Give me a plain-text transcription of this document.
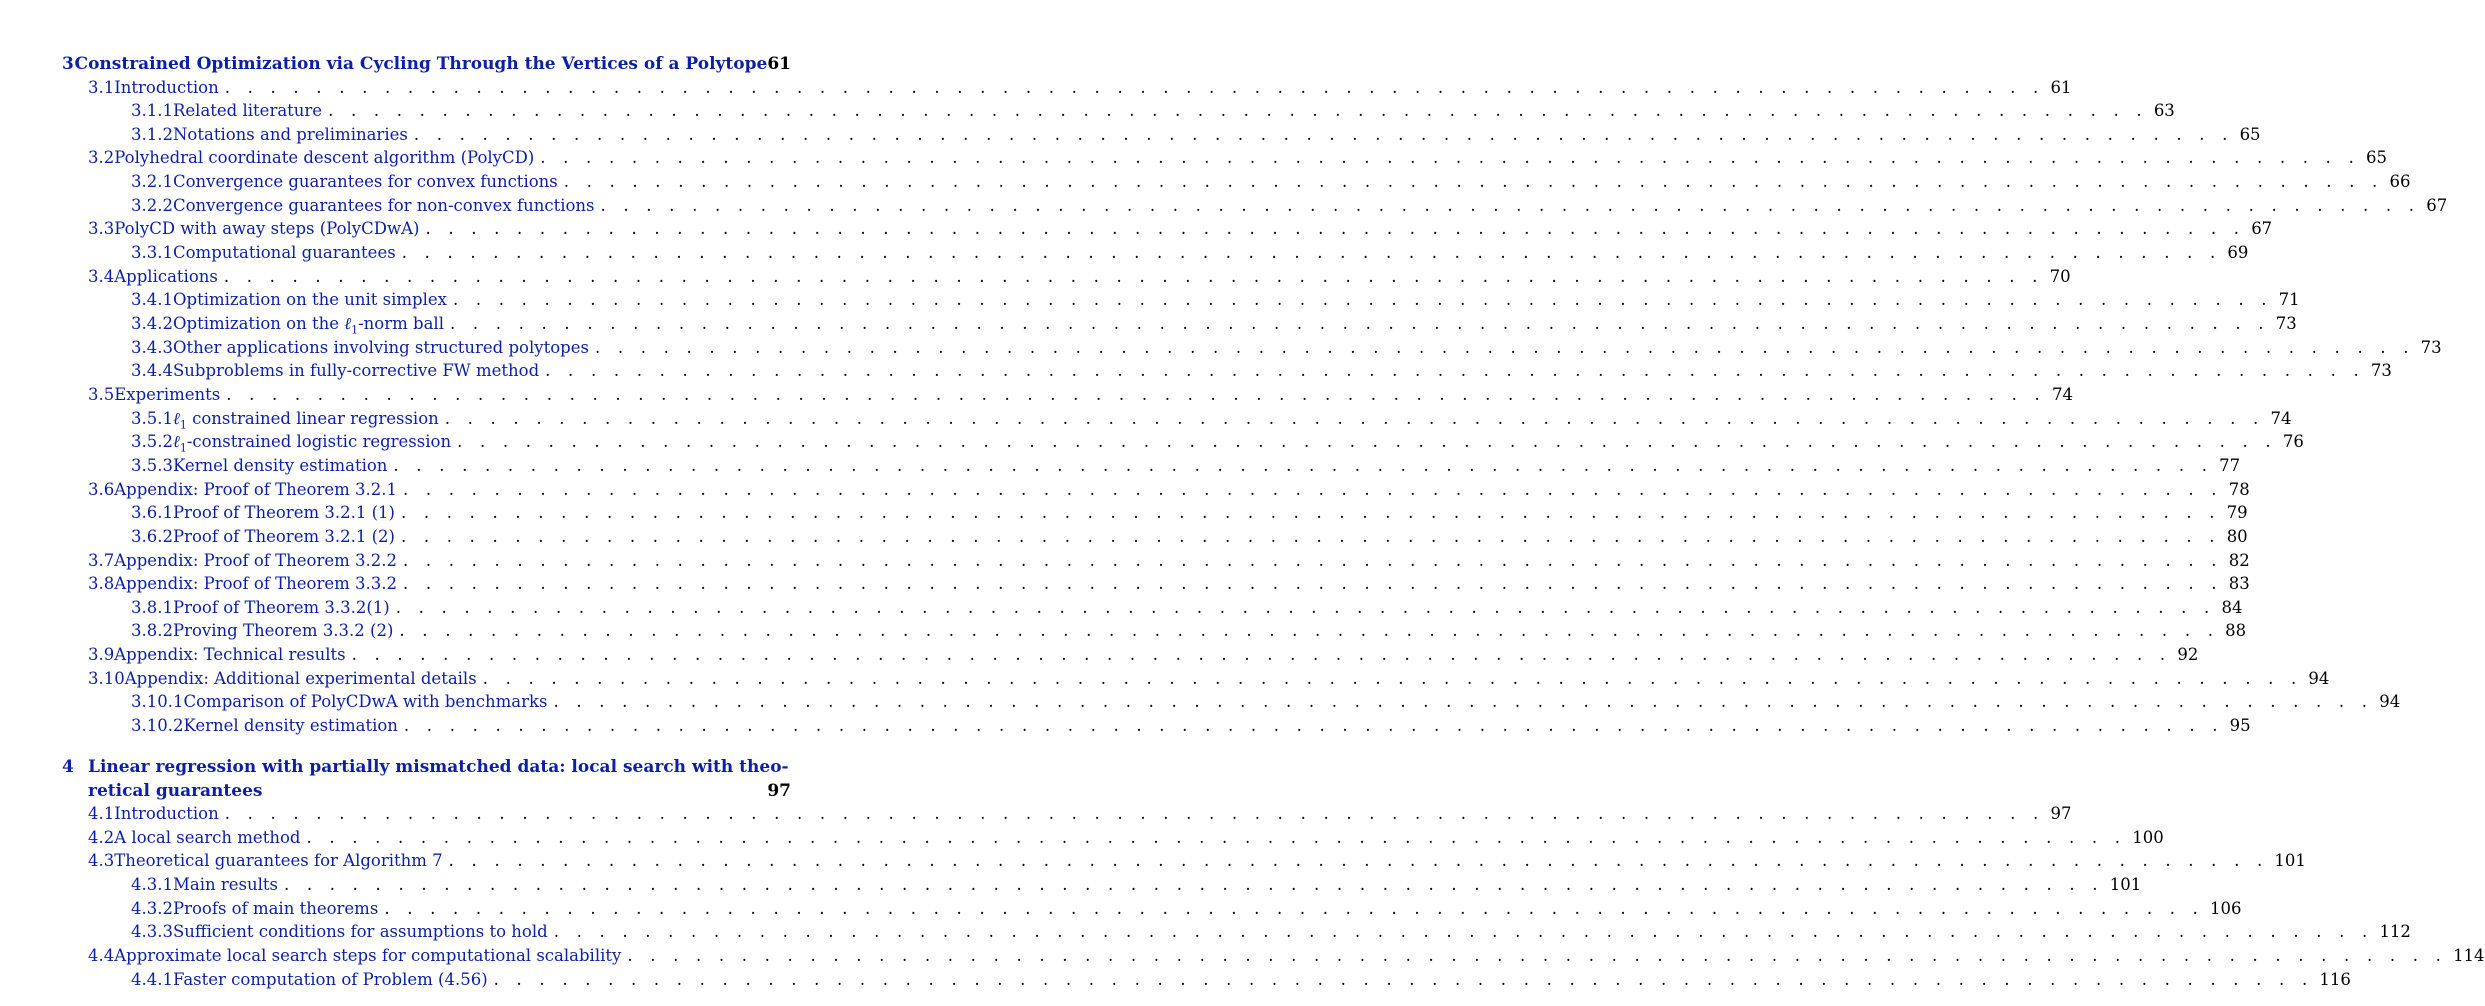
3 Constrained Optimization via Cycling Through the Vertices of a Polytope 61
3.1 Introduction . . . . . . . . . . . . . . . . . . . . . . . . . . . . . . . . . . . . . . . . . . . . . . . . . . . . . . . . . . . . . . . . . . . . . . . . . . . . . . . . 61
3.1.1 Related literature . . . . . . . . . . . . . . . . . . . . . . . . . . . . . . . . . . . . . . . . . . . . . . . . . . . . . . . . . . . . . . . . . . . . . . . . . . . . . . . . 63
3.1.2 Notations and preliminaries . . . . . . . . . . . . . . . . . . . . . . . . . . . . . . . . . . . . . . . . . . . . . . . . . . . . . . . . . . . . . . . . . . . . . . . . . . . . . . . . 65
3.2 Polyhedral coordinate descent algorithm (PolyCD) . . . . . . . . . . . . . . . . . . . . . . . . . . . . . . . . . . . . . . . . . . . . . . . . . . . . . . . . . . . . . . . . . . . . . . . . . . . . . . . . 65
3.2.1 Convergence guarantees for convex functions . . . . . . . . . . . . . . . . . . . . . . . . . . . . . . . . . . . . . . . . . . . . . . . . . . . . . . . . . . . . . . . . . . . . . . . . . . . . . . . . 66
3.2.2 Convergence guarantees for non-convex functions . . . . . . . . . . . . . . . . . . . . . . . . . . . . . . . . . . . . . . . . . . . . . . . . . . . . . . . . . . . . . . . . . . . . . . . . . . . . . . . . 67
3.3 PolyCD with away steps (PolyCDwA) . . . . . . . . . . . . . . . . . . . . . . . . . . . . . . . . . . . . . . . . . . . . . . . . . . . . . . . . . . . . . . . . . . . . . . . . . . . . . . . . 67
3.3.1 Computational guarantees . . . . . . . . . . . . . . . . . . . . . . . . . . . . . . . . . . . . . . . . . . . . . . . . . . . . . . . . . . . . . . . . . . . . . . . . . . . . . . . . 69
3.4 Applications . . . . . . . . . . . . . . . . . . . . . . . . . . . . . . . . . . . . . . . . . . . . . . . . . . . . . . . . . . . . . . . . . . . . . . . . . . . . . . . . 70
3.4.1 Optimization on the unit simplex . . . . . . . . . . . . . . . . . . . . . . . . . . . . . . . . . . . . . . . . . . . . . . . . . . . . . . . . . . . . . . . . . . . . . . . . . . . . . . . . 71
3.4.2 Optimization on the ℓ$_1$-norm ball . . . . . . . . . . . . . . . . . . . . . . . . . . . . . . . . . . . . . . . . . . . . . . . . . . . . . . . . . . . . . . . . . . . . . . . . . . . . . . . . 73
3.4.3 Other applications involving structured polytopes . . . . . . . . . . . . . . . . . . . . . . . . . . . . . . . . . . . . . . . . . . . . . . . . . . . . . . . . . . . . . . . . . . . . . . . . . . . . . . . . 73
3.4.4 Subproblems in fully-corrective FW method . . . . . . . . . . . . . . . . . . . . . . . . . . . . . . . . . . . . . . . . . . . . . . . . . . . . . . . . . . . . . . . . . . . . . . . . . . . . . . . . 73
3.5 Experiments . . . . . . . . . . . . . . . . . . . . . . . . . . . . . . . . . . . . . . . . . . . . . . . . . . . . . . . . . . . . . . . . . . . . . . . . . . . . . . . . 74
3.5.1 ℓ$_1$ constrained linear regression . . . . . . . . . . . . . . . . . . . . . . . . . . . . . . . . . . . . . . . . . . . . . . . . . . . . . . . . . . . . . . . . . . . . . . . . . . . . . . . . 74
3.5.2 ℓ$_1$-constrained logistic regression . . . . . . . . . . . . . . . . . . . . . . . . . . . . . . . . . . . . . . . . . . . . . . . . . . . . . . . . . . . . . . . . . . . . . . . . . . . . . . . . 76
3.5.3 Kernel density estimation . . . . . . . . . . . . . . . . . . . . . . . . . . . . . . . . . . . . . . . . . . . . . . . . . . . . . . . . . . . . . . . . . . . . . . . . . . . . . . . . 77
3.6 Appendix: Proof of Theorem 3.2.1 . . . . . . . . . . . . . . . . . . . . . . . . . . . . . . . . . . . . . . . . . . . . . . . . . . . . . . . . . . . . . . . . . . . . . . . . . . . . . . . . 78
3.6.1 Proof of Theorem 3.2.1 (1) . . . . . . . . . . . . . . . . . . . . . . . . . . . . . . . . . . . . . . . . . . . . . . . . . . . . . . . . . . . . . . . . . . . . . . . . . . . . . . . . 79
3.6.2 Proof of Theorem 3.2.1 (2) . . . . . . . . . . . . . . . . . . . . . . . . . . . . . . . . . . . . . . . . . . . . . . . . . . . . . . . . . . . . . . . . . . . . . . . . . . . . . . . . 80
3.7 Appendix: Proof of Theorem 3.2.2 . . . . . . . . . . . . . . . . . . . . . . . . . . . . . . . . . . . . . . . . . . . . . . . . . . . . . . . . . . . . . . . . . . . . . . . . . . . . . . . . 82
3.8 Appendix: Proof of Theorem 3.3.2 . . . . . . . . . . . . . . . . . . . . . . . . . . . . . . . . . . . . . . . . . . . . . . . . . . . . . . . . . . . . . . . . . . . . . . . . . . . . . . . . 83
3.8.1 Proof of Theorem 3.3.2(1) . . . . . . . . . . . . . . . . . . . . . . . . . . . . . . . . . . . . . . . . . . . . . . . . . . . . . . . . . . . . . . . . . . . . . . . . . . . . . . . . 84
3.8.2 Proving Theorem 3.3.2 (2) . . . . . . . . . . . . . . . . . . . . . . . . . . . . . . . . . . . . . . . . . . . . . . . . . . . . . . . . . . . . . . . . . . . . . . . . . . . . . . . . 88
3.9 Appendix: Technical results . . . . . . . . . . . . . . . . . . . . . . . . . . . . . . . . . . . . . . . . . . . . . . . . . . . . . . . . . . . . . . . . . . . . . . . . . . . . . . . . 92
3.10 Appendix: Additional experimental details . . . . . . . . . . . . . . . . . . . . . . . . . . . . . . . . . . . . . . . . . . . . . . . . . . . . . . . . . . . . . . . . . . . . . . . . . . . . . . . . 94
3.10.1 Comparison of PolyCDwA with benchmarks . . . . . . . . . . . . . . . . . . . . . . . . . . . . . . . . . . . . . . . . . . . . . . . . . . . . . . . . . . . . . . . . . . . . . . . . . . . . . . . . 94
3.10.2 Kernel density estimation . . . . . . . . . . . . . . . . . . . . . . . . . . . . . . . . . . . . . . . . . . . . . . . . . . . . . . . . . . . . . . . . . . . . . . . . . . . . . . . . 95
4 Linear regression with partially mismatched data: local search with theo-
retical guarantees	97
4.1 Introduction . . . . . . . . . . . . . . . . . . . . . . . . . . . . . . . . . . . . . . . . . . . . . . . . . . . . . . . . . . . . . . . . . . . . . . . . . . . . . . . . 97
4.2 A local search method . . . . . . . . . . . . . . . . . . . . . . . . . . . . . . . . . . . . . . . . . . . . . . . . . . . . . . . . . . . . . . . . . . . . . . . . . . . . . . . . 100
4.3 Theoretical guarantees for Algorithm 7 . . . . . . . . . . . . . . . . . . . . . . . . . . . . . . . . . . . . . . . . . . . . . . . . . . . . . . . . . . . . . . . . . . . . . . . . . . . . . . . . 101
4.3.1 Main results . . . . . . . . . . . . . . . . . . . . . . . . . . . . . . . . . . . . . . . . . . . . . . . . . . . . . . . . . . . . . . . . . . . . . . . . . . . . . . . . 101
4.3.2 Proofs of main theorems . . . . . . . . . . . . . . . . . . . . . . . . . . . . . . . . . . . . . . . . . . . . . . . . . . . . . . . . . . . . . . . . . . . . . . . . . . . . . . . . 106
4.3.3 Sufficient conditions for assumptions to hold . . . . . . . . . . . . . . . . . . . . . . . . . . . . . . . . . . . . . . . . . . . . . . . . . . . . . . . . . . . . . . . . . . . . . . . . . . . . . . . . 112
4.4 Approximate local search steps for computational scalability . . . . . . . . . . . . . . . . . . . . . . . . . . . . . . . . . . . . . . . . . . . . . . . . . . . . . . . . . . . . . . . . . . . . . . . . . . . . . . . . 114
4.4.1 Faster computation of Problem (4.56) . . . . . . . . . . . . . . . . . . . . . . . . . . . . . . . . . . . . . . . . . . . . . . . . . . . . . . . . . . . . . . . . . . . . . . . . . . . . . . . . 116
